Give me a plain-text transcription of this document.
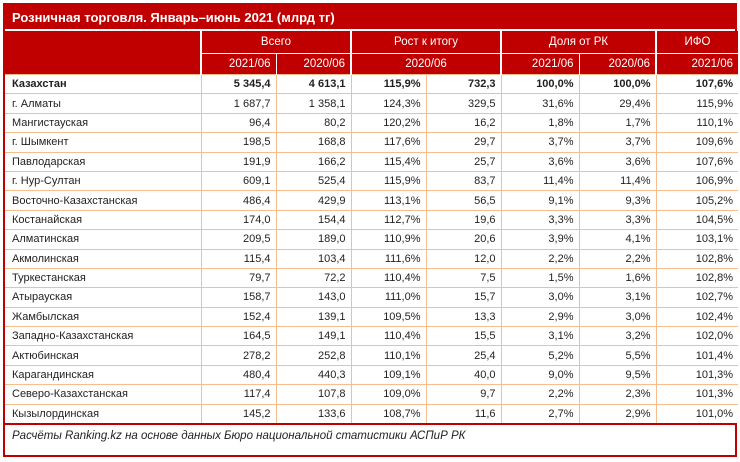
Розничная торговля. Январь–июнь 2021 (млрд тг)
	Всего		Рост к итогу		Доля от РК		ИФО
	2021/06	2020/06	2020/06		2021/06	2020/06	2021/06
Казахстан	5 345,4	4 613,1	115,9%	732,3	100,0%	100,0%	107,6%
г. Алматы	1 687,7	1 358,1	124,3%	329,5	31,6%	29,4%	115,9%
Мангистауская	96,4	80,2	120,2%	16,2	1,8%	1,7%	110,1%
г. Шымкент	198,5	168,8	117,6%	29,7	3,7%	3,7%	109,6%
Павлодарская	191,9	166,2	115,4%	25,7	3,6%	3,6%	107,6%
г. Нур-Султан	609,1	525,4	115,9%	83,7	11,4%	11,4%	106,9%
Восточно-Казахстанская	486,4	429,9	113,1%	56,5	9,1%	9,3%	105,2%
Костанайская	174,0	154,4	112,7%	19,6	3,3%	3,3%	104,5%
Алматинская	209,5	189,0	110,9%	20,6	3,9%	4,1%	103,1%
Акмолинская	115,4	103,4	111,6%	12,0	2,2%	2,2%	102,8%
Туркестанская	79,7	72,2	110,4%	7,5	1,5%	1,6%	102,8%
Атырауская	158,7	143,0	111,0%	15,7	3,0%	3,1%	102,7%
Жамбылская	152,4	139,1	109,5%	13,3	2,9%	3,0%	102,4%
Западно-Казахстанская	164,5	149,1	110,4%	15,5	3,1%	3,2%	102,0%
Актюбинская	278,2	252,8	110,1%	25,4	5,2%	5,5%	101,4%
Карагандинская	480,4	440,3	109,1%	40,0	9,0%	9,5%	101,3%
Северо-Казахстанская	117,4	107,8	109,0%	9,7	2,2%	2,3%	101,3%
Кызылординская	145,2	133,6	108,7%	11,6	2,7%	2,9%	101,0%
Расчёты Ranking.kz на основе данных Бюро национальной статистики АСПиР РК
